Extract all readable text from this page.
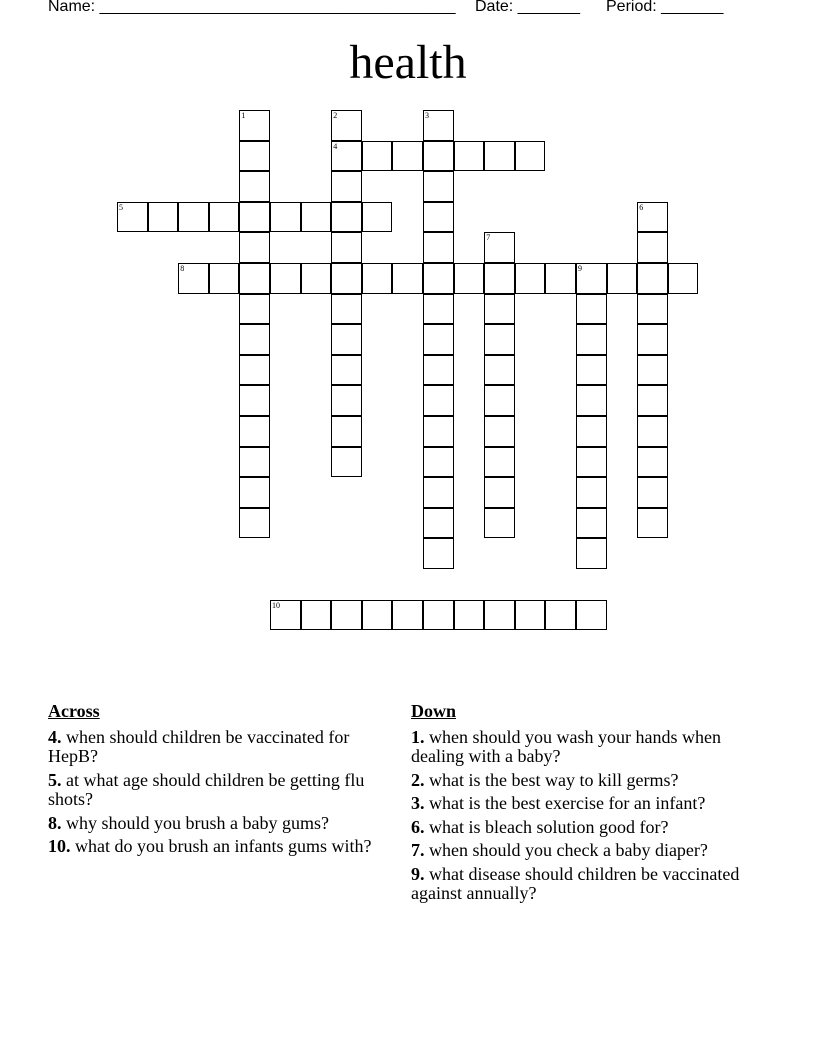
Name: ________________________________________ Date: _______ Period: _______
health
1	2
4
3
5	6
7
8	9
10
Across
4. when should children be vaccinated for HepB?
5. at what age should children be getting flu shots?
8. why should you brush a baby gums?
10. what do you brush an infants gums with?
Down
1. when should you wash your hands when dealing with a baby?
2. what is the best way to kill germs?
3. what is the best exercise for an infant?
6. what is bleach solution good for?
7. when should you check a baby diaper?
9. what disease should children be vaccinated against annually?
